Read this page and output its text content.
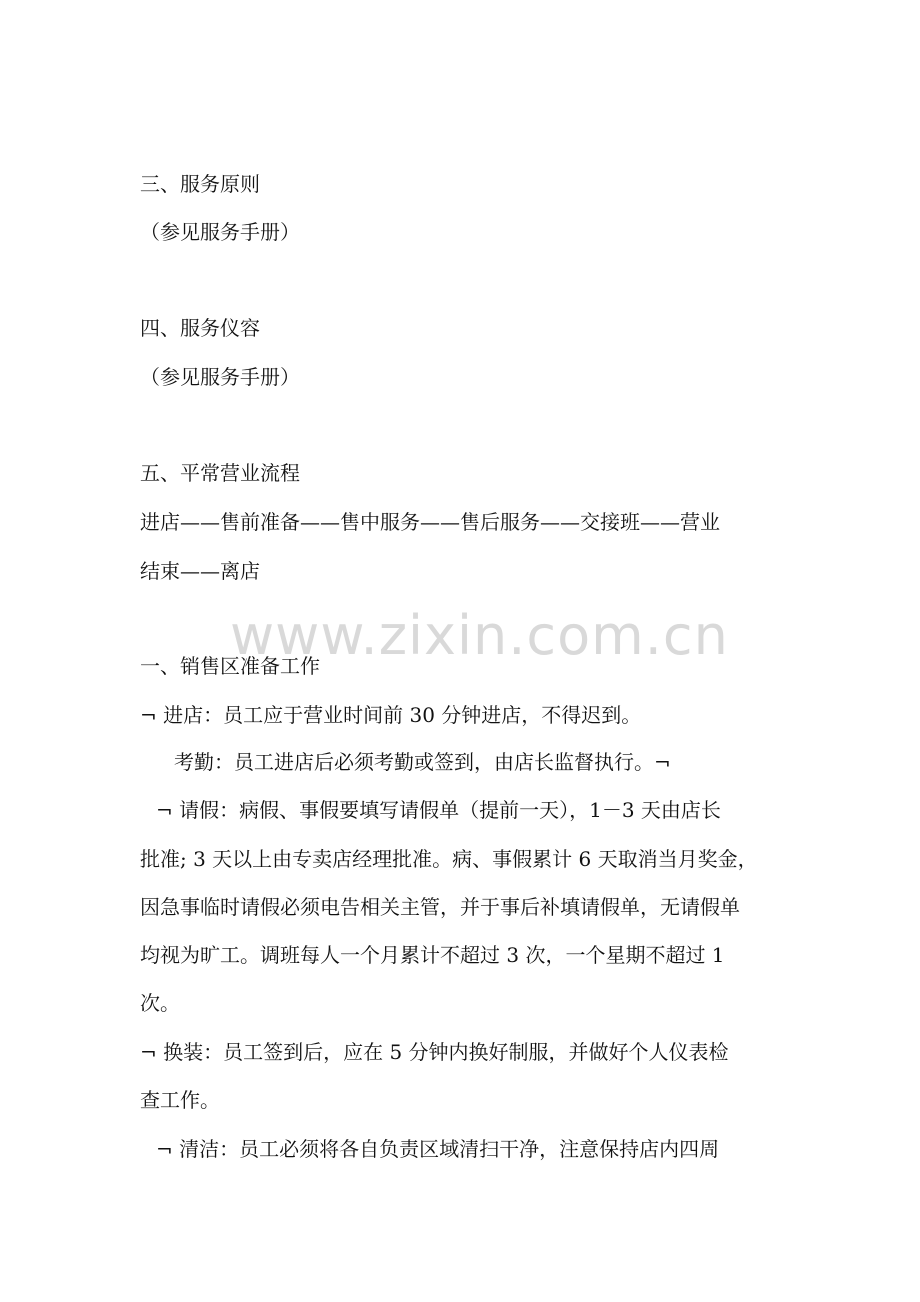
www.zixin.com.cn
三、服务原则
（参见服务手册）
四、服务仪容
（参见服务手册）
五、平常营业流程
进店——售前准备——售中服务——售后服务——交接班——营业
结束——离店
一、销售区准备工作
¬ 进店：员工应于营业时间前 30 分钟进店，不得迟到。
考勤：员工进店后必须考勤或签到，由店长监督执行。¬
¬ 请假：病假、事假要填写请假单（提前一天），1－3 天由店长
批准; 3 天以上由专卖店经理批准。病、事假累计 6 天取消当月奖金，
因急事临时请假必须电告相关主管，并于事后补填请假单，无请假单
均视为旷工。调班每人一个月累计不超过 3 次，一个星期不超过 1
次。
¬ 换装：员工签到后，应在 5 分钟内换好制服，并做好个人仪表检
查工作。
¬ 清洁：员工必须将各自负责区域清扫干净，注意保持店内四周
